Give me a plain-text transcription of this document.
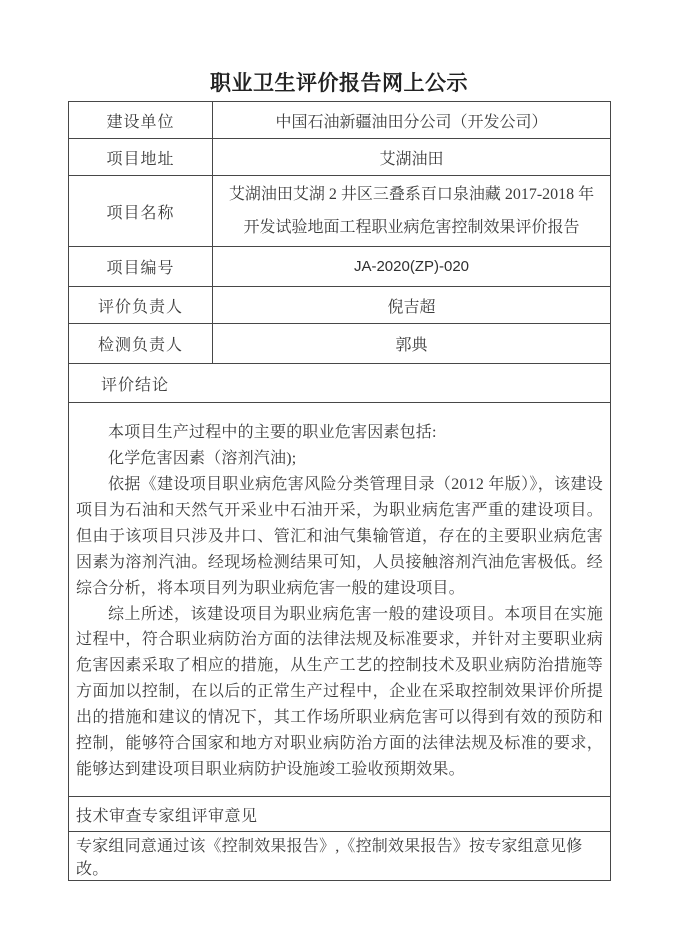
职业卫生评价报告网上公示
建设单位	中国石油新疆油田分公司（开发公司）
项目地址	艾湖油田
项目名称	艾湖油田艾湖 2 井区三叠系百口泉油藏 2017-2018 年开发试验地面工程职业病危害控制效果评价报告
项目编号	JA-2020(ZP)-020
评价负责人	倪吉超
检测负责人	郭典
评价结论	

本项目生产过程中的主要的职业危害因素包括:

化学危害因素（溶剂汽油);

依据《建设项目职业病危害风险分类管理目录（2012 年版）》，该建设项目为石油和天然气开采业中石油开采，为职业病危害严重的建设项目。但由于该项目只涉及井口、管汇和油气集输管道，存在的主要职业病危害因素为溶剂汽油。经现场检测结果可知，人员接触溶剂汽油危害极低。经综合分析，将本项目列为职业病危害一般的建设项目。

综上所述，该建设项目为职业病危害一般的建设项目。本项目在实施过程中，符合职业病防治方面的法律法规及标准要求，并针对主要职业病危害因素采取了相应的措施，从生产工艺的控制技术及职业病防治措施等方面加以控制，在以后的正常生产过程中，企业在采取控制效果评价所提出的措施和建议的情况下，其工作场所职业病危害可以得到有效的预防和控制，能够符合国家和地方对职业病防治方面的法律法规及标准的要求，能够达到建设项目职业病防护设施竣工验收预期效果。	

技术审查专家组评审意见	
专家组同意通过该《控制效果报告》,《控制效果报告》按专家组意见修改。	
